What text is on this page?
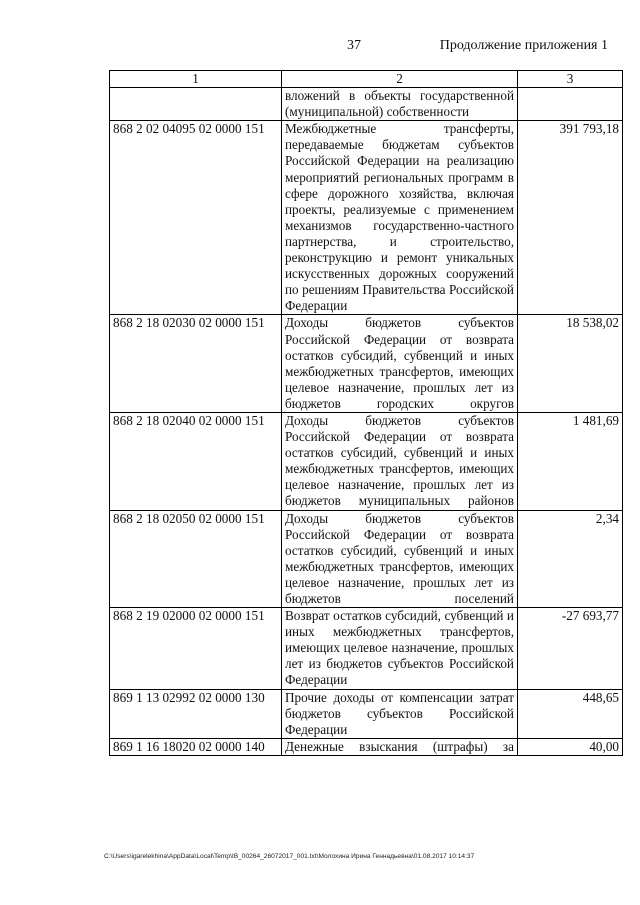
37	Продолжение приложения 1
1	2	3

	вложений в объекты государственной (муниципальной) собственности	

868 2 02 04095 02 0000 151	Межбюджетные трансферты, передаваемые бюджетам субъектов Российской Федерации на реализацию мероприятий региональных программ в сфере дорожного хозяйства, включая проекты, реализуемые с применением механизмов государственно-частного партнерства, и строительство, реконструкцию и ремонт уникальных искусственных дорожных сооружений по решениям Правительства Российской Федерации	391 793,18
868 2 18 02030 02 0000 151	Доходы бюджетов субъектов Российской Федерации от возврата остатков субсидий, субвенций и иных межбюджетных трансфертов, имеющих целевое назначение, прошлых лет из бюджетов городских округов	18 538,02
868 2 18 02040 02 0000 151	Доходы бюджетов субъектов Российской Федерации от возврата остатков субсидий, субвенций и иных межбюджетных трансфертов, имеющих целевое назначение, прошлых лет из бюджетов муниципальных районов	1 481,69
868 2 18 02050 02 0000 151	Доходы бюджетов субъектов Российской Федерации от возврата остатков субсидий, субвенций и иных межбюджетных трансфертов, имеющих целевое назначение, прошлых лет из бюджетов поселений	2,34
868 2 19 02000 02 0000 151	Возврат остатков субсидий, субвенций и иных межбюджетных трансфертов, имеющих целевое назначение, прошлых лет из бюджетов субъектов Российской Федерации	-27 693,77
869 1 13 02992 02 0000 130	Прочие доходы от компенсации затрат бюджетов субъектов Российской Федерации	448,65
869 1 16 18020 02 0000 140	Денежные взыскания (штрафы) за	40,00
C:\Users\igarelekhina\AppData\Local\Temp\IB_00264_26072017_001.txt\Молохина Ирина Геннадьевна\01.08.2017 10:14:37
